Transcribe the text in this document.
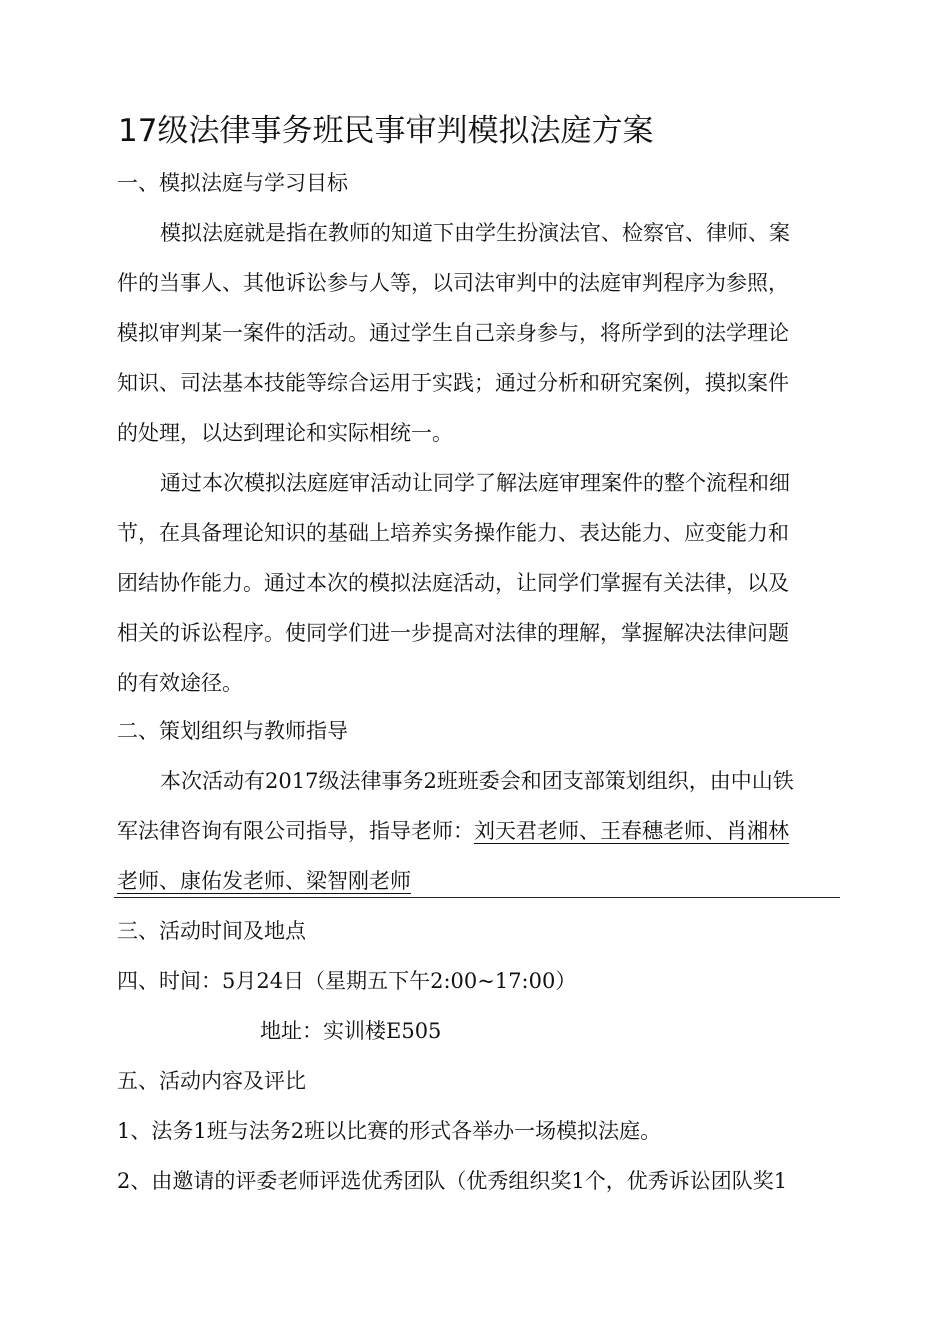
17级法律事务班民事审判模拟法庭方案
一、模拟法庭与学习目标
模拟法庭就是指在教师的知道下由学生扮演法官、检察官、律师、案
件的当事人、其他诉讼参与人等，以司法审判中的法庭审判程序为参照，
模拟审判某一案件的活动。通过学生自己亲身参与，将所学到的法学理论
知识、司法基本技能等综合运用于实践；通过分析和研究案例，摸拟案件
的处理，以达到理论和实际相统一。
通过本次模拟法庭庭审活动让同学了解法庭审理案件的整个流程和细
节，在具备理论知识的基础上培养实务操作能力、表达能力、应变能力和
团结协作能力。通过本次的模拟法庭活动，让同学们掌握有关法律，以及
相关的诉讼程序。使同学们进一步提高对法律的理解，掌握解决法律问题
的有效途径。
二、策划组织与教师指导
本次活动有2017级法律事务2班班委会和团支部策划组织，由中山铁
军法律咨询有限公司指导，指导老师：刘天君老师、王春穗老师、肖湘林
老师、康佑发老师、梁智刚老师
三、活动时间及地点
四、时间：5月24日（星期五下午2:00~17:00）
地址：实训楼E505
五、活动内容及评比
1、法务1班与法务2班以比赛的形式各举办一场模拟法庭。
2、由邀请的评委老师评选优秀团队（优秀组织奖1个，优秀诉讼团队奖1
